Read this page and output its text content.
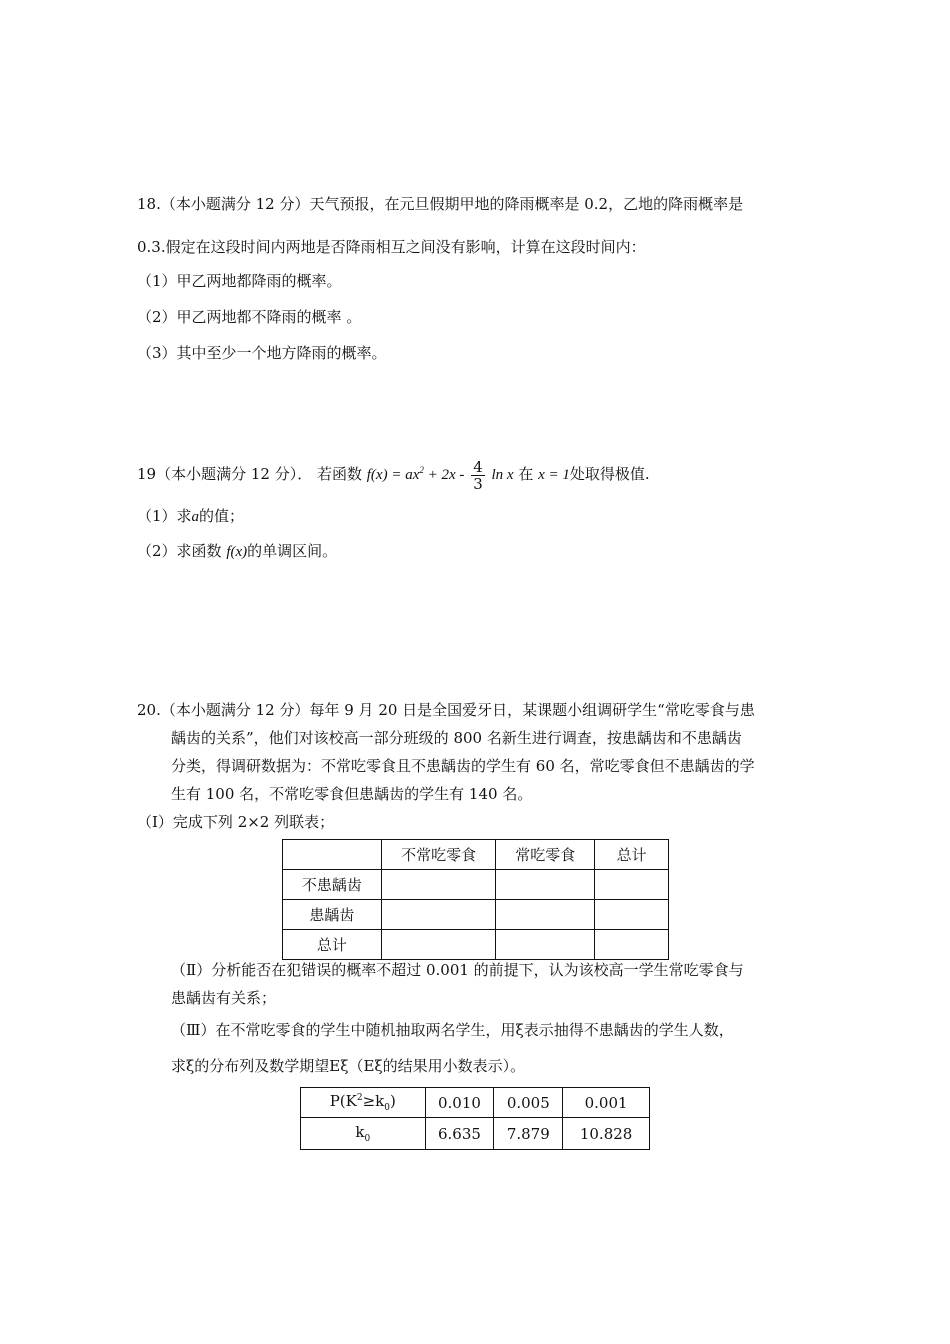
18.（本小题满分 12 分）天气预报，在元旦假期甲地的降雨概率是 0.2，乙地的降雨概率是
0.3.假定在这段时间内两地是否降雨相互之间没有影响，计算在这段时间内：
（1）甲乙两地都降雨的概率。
（2）甲乙两地都不降雨的概率 。
（3）其中至少一个地方降雨的概率。
19（本小题满分 12 分）． 若函数 $f(x) = ax^2 + 2x - \frac{4}{3}$ ln x 在 x = 1处取得极值.
（1）求a的值；
（2）求函数 f(x)的单调区间。
20.（本小题满分 12 分）每年 9 月 20 日是全国爱牙日，某课题小组调研学生“常吃零食与患
龋齿的关系”，他们对该校高一部分班级的 800 名新生进行调查，按患龋齿和不患龋齿
分类，得调研数据为：不常吃零食且不患龋齿的学生有 60 名，常吃零食但不患龋齿的学
生有 100 名，不常吃零食但患龋齿的学生有 140 名。
（Ⅰ）完成下列 2×2 列联表；
	不常吃零食	常吃零食	总计
不患龋齿			
患龋齿			
总计			
（Ⅱ）分析能否在犯错误的概率不超过 0.001 的前提下，认为该校高一学生常吃零食与
患龋齿有关系；
（Ⅲ）在不常吃零食的学生中随机抽取两名学生，用ξ表示抽得不患龋齿的学生人数，
求ξ的分布列及数学期望Eξ（Eξ的结果用小数表示）。
$P(K^2\ge k_0)$	0.010	0.005	0.001
$k_0$	6.635	7.879	10.828
